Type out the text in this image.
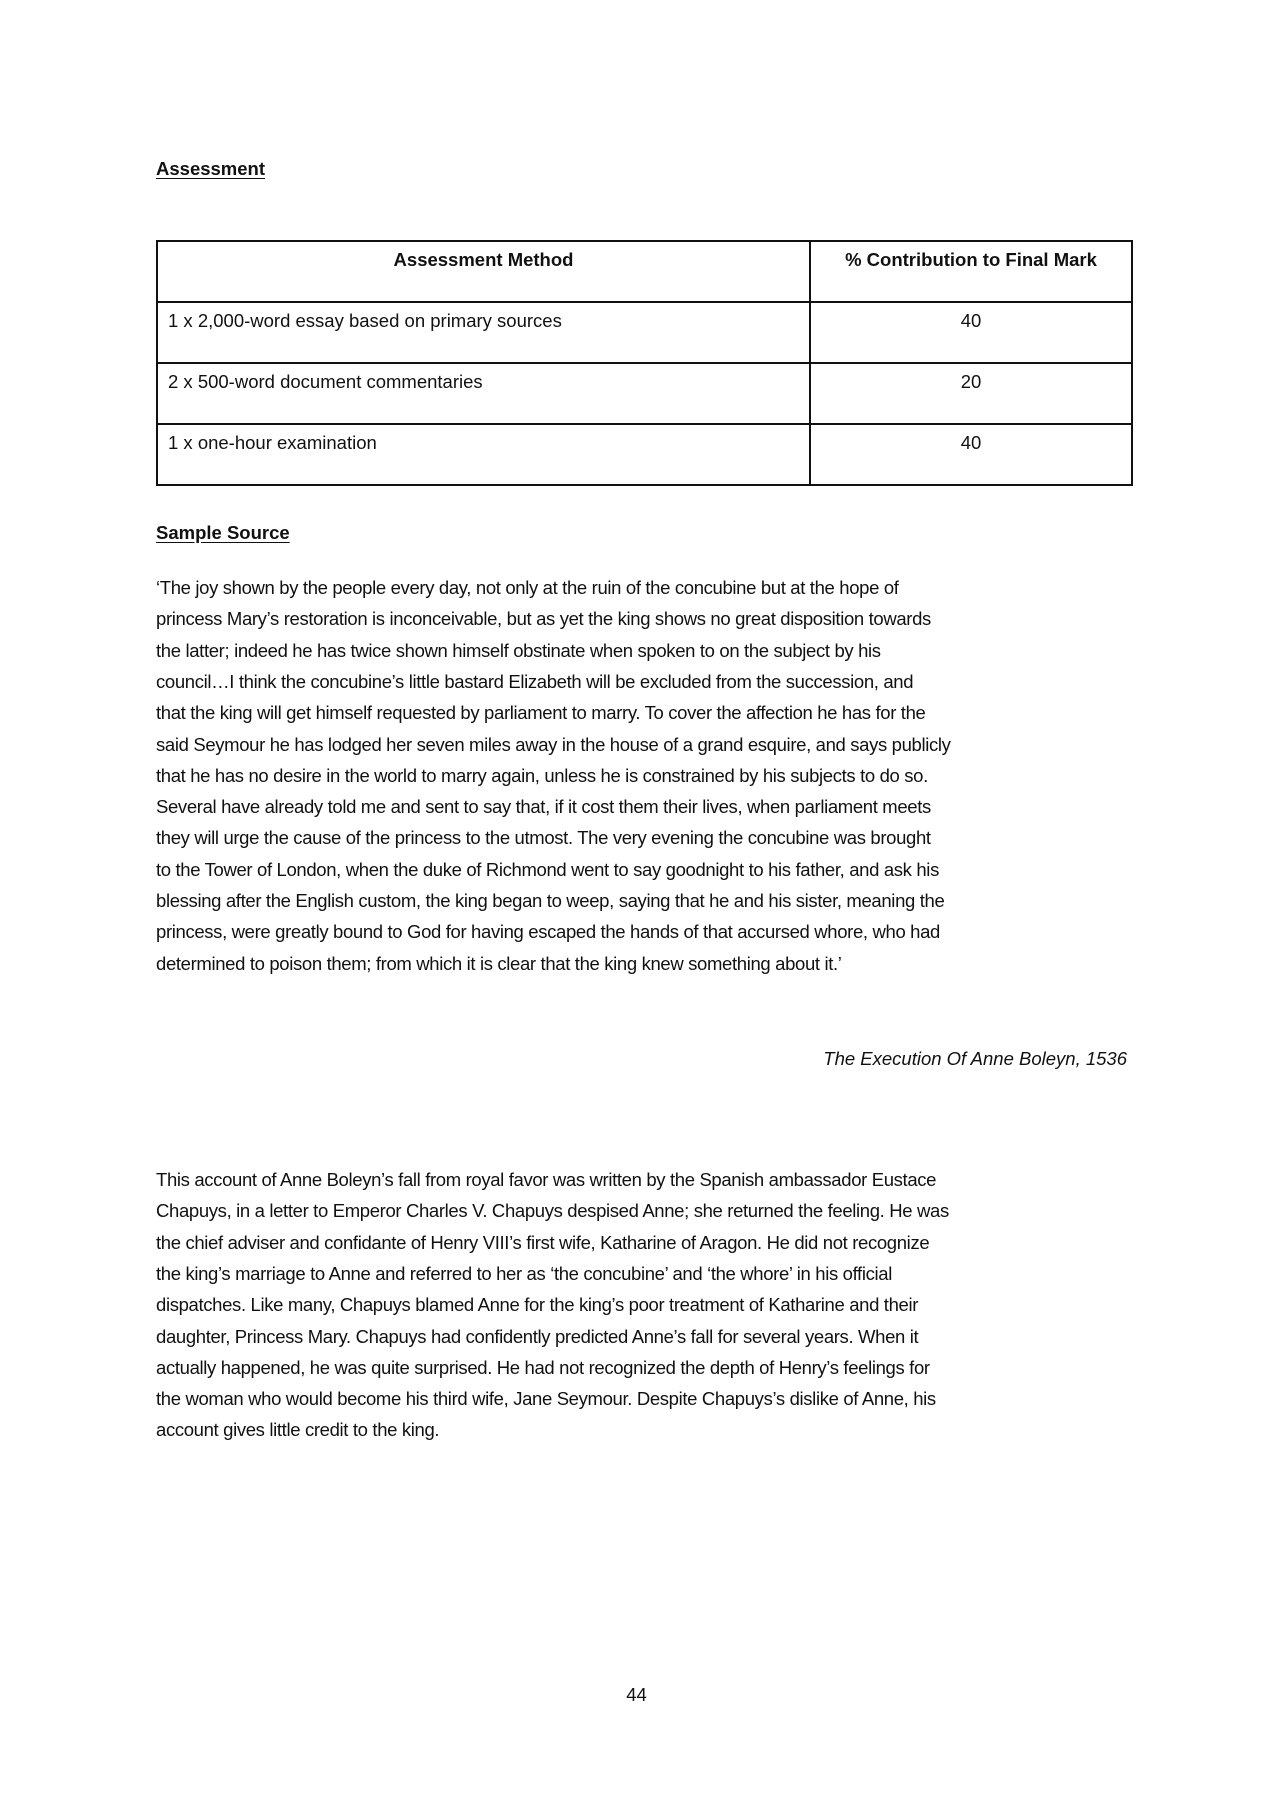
Assessment
Assessment Method	% Contribution to Final Mark
1 x 2,000-word essay based on primary sources	40
2 x 500-word document commentaries	20
1 x one-hour examination	40
Sample Source
‘The joy shown by the people every day, not only at the ruin of the concubine but at the hope of
princess Mary’s restoration is inconceivable, but as yet the king shows no great disposition towards
the latter; indeed he has twice shown himself obstinate when spoken to on the subject by his
council…I think the concubine’s little bastard Elizabeth will be excluded from the succession, and
that the king will get himself requested by parliament to marry. To cover the affection he has for the
said Seymour he has lodged her seven miles away in the house of a grand esquire, and says publicly
that he has no desire in the world to marry again, unless he is constrained by his subjects to do so.
Several have already told me and sent to say that, if it cost them their lives, when parliament meets
they will urge the cause of the princess to the utmost. The very evening the concubine was brought
to the Tower of London, when the duke of Richmond went to say goodnight to his father, and ask his
blessing after the English custom, the king began to weep, saying that he and his sister, meaning the
princess, were greatly bound to God for having escaped the hands of that accursed whore, who had
determined to poison them; from which it is clear that the king knew something about it.’
The Execution Of Anne Boleyn, 1536
This account of Anne Boleyn’s fall from royal favor was written by the Spanish ambassador Eustace
Chapuys, in a letter to Emperor Charles V. Chapuys despised Anne; she returned the feeling. He was
the chief adviser and confidante of Henry VIII’s first wife, Katharine of Aragon. He did not recognize
the king’s marriage to Anne and referred to her as ‘the concubine’ and ‘the whore’ in his official
dispatches. Like many, Chapuys blamed Anne for the king’s poor treatment of Katharine and their
daughter, Princess Mary. Chapuys had confidently predicted Anne’s fall for several years. When it
actually happened, he was quite surprised. He had not recognized the depth of Henry’s feelings for
the woman who would become his third wife, Jane Seymour. Despite Chapuys’s dislike of Anne, his
account gives little credit to the king.
44
